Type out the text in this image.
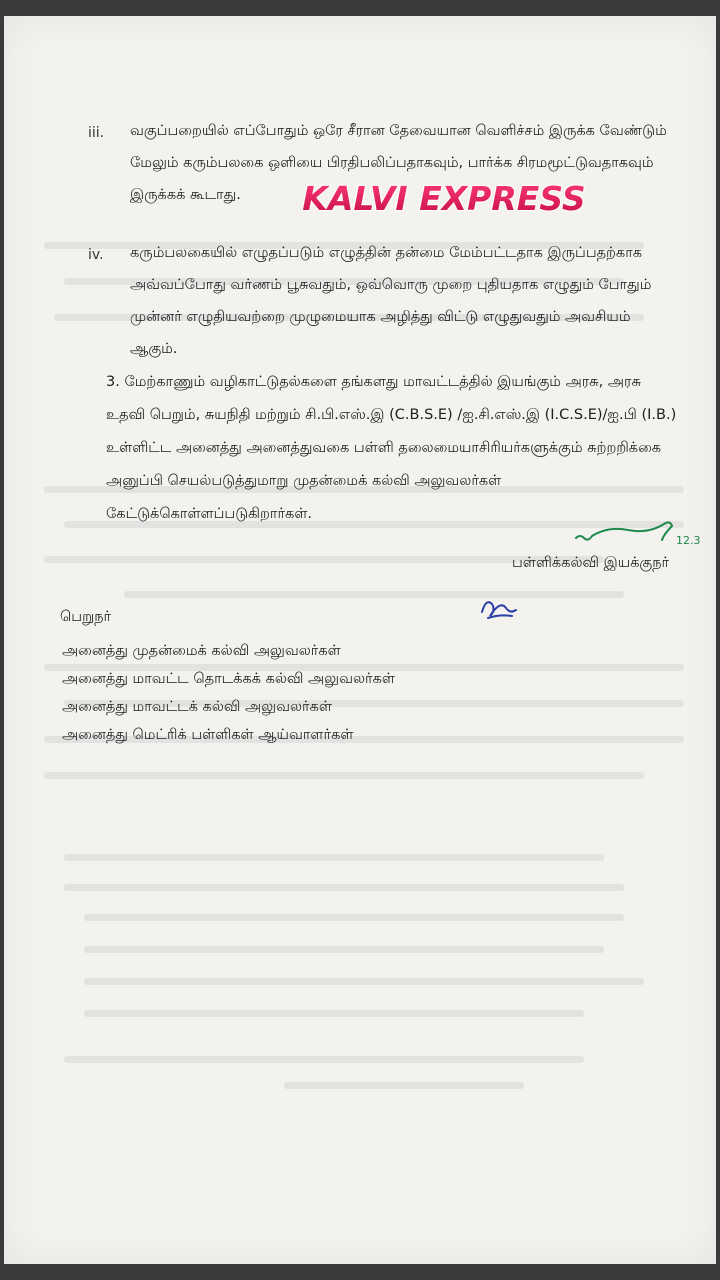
iii. வகுப்பறையில் எப்போதும் ஒரே சீரான தேவையான வெளிச்சம் இருக்க வேண்டும்
மேலும் கரும்பலகை ஒளியை பிரதிபலிப்பதாகவும், பார்க்க சிரமமூட்டுவதாகவும்
இருக்கக் கூடாது. KALVI EXPRESS
iv. கரும்பலகையில் எழுதப்படும் எழுத்தின் தன்மை மேம்பட்டதாக இருப்பதற்காக
அவ்வப்போது வர்ணம் பூசுவதும், ஒவ்வொரு முறை புதியதாக எழுதும் போதும்
முன்னர் எழுதியவற்றை முழுமையாக அழித்து விட்டு எழுதுவதும் அவசியம்
ஆகும்.
3. மேற்காணும் வழிகாட்டுதல்களை தங்களது மாவட்டத்தில் இயங்கும் அரசு, அரசு
உதவி பெறும், சுயநிதி மற்றும் சி.பி.எஸ்.இ (C.B.S.E) /ஐ.சி.எஸ்.இ (I.C.S.E)/ஐ.பி (I.B.)
உள்ளிட்ட அனைத்து அனைத்துவகை பள்ளி தலைமையாசிரியர்களுக்கும் சுற்றறிக்கை
அனுப்பி செயல்படுத்துமாறு முதன்மைக் கல்வி அலுவலர்கள்
கேட்டுக்கொள்ளப்படுகிறார்கள்.
12.3
பள்ளிக்கல்வி இயக்குநர்
பெறுநர்
அனைத்து முதன்மைக் கல்வி அலுவலர்கள்
அனைத்து மாவட்ட தொடக்கக் கல்வி அலுவலர்கள்
அனைத்து மாவட்டக் கல்வி அலுவலர்கள்
அனைத்து மெட்ரிக் பள்ளிகள் ஆய்வாளர்கள்
